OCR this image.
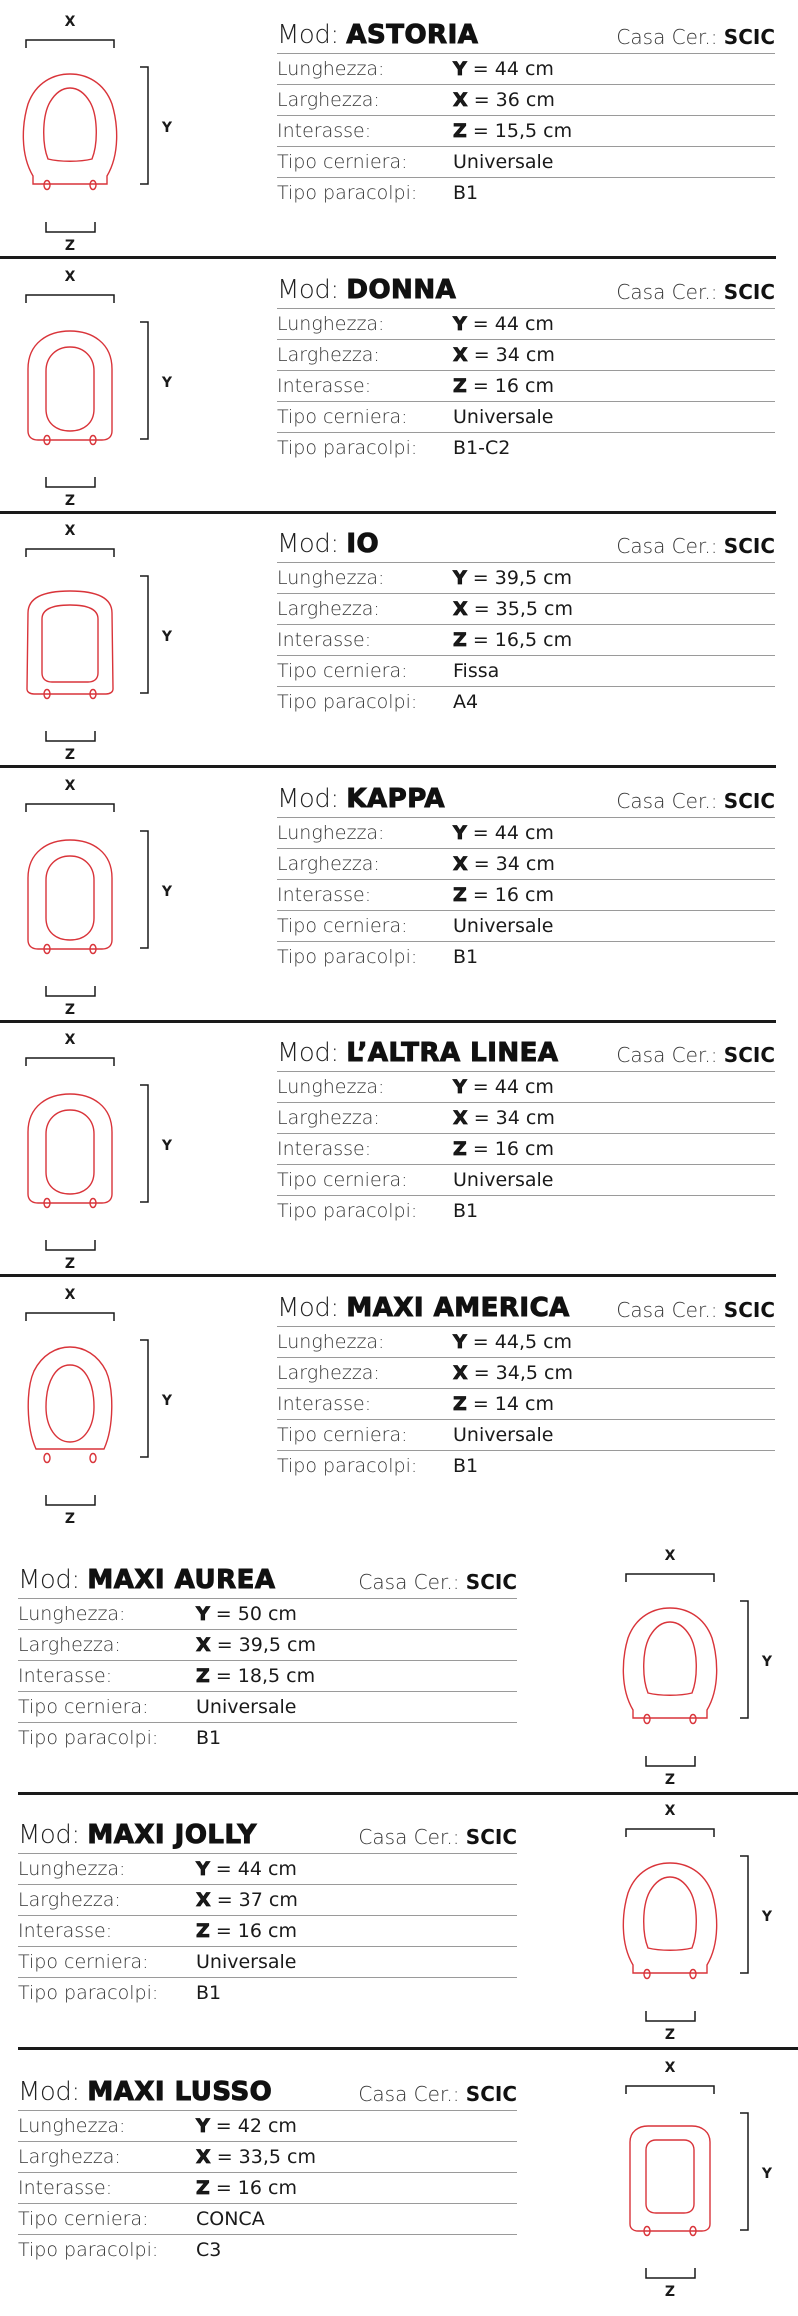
X
Y
Z
Mod: ASTORIA	Casa Cer.: SCIC
Lunghezza:	Y = 44 cm
Larghezza:	X = 36 cm
Interasse:	Z = 15,5 cm
Tipo cerniera: Universale
Tipo paracolpi: B1
X
Y
Z
Mod: DONNA	Casa Cer.: SCIC
Lunghezza:	Y = 44 cm
Larghezza:	X = 34 cm
Interasse:	Z = 16 cm
Tipo cerniera: Universale
Tipo paracolpi: B1-C2
X
Y
Z
Mod: IO	Casa Cer.: SCIC
Lunghezza:	Y = 39,5 cm
Larghezza:	X = 35,5 cm
Interasse:	Z = 16,5 cm
Tipo cerniera: Fissa
Tipo paracolpi: A4
X
Y
Z
Mod: KAPPA	Casa Cer.: SCIC
Lunghezza:	Y = 44 cm
Larghezza:	X = 34 cm
Interasse:	Z = 16 cm
Tipo cerniera: Universale
Tipo paracolpi: B1
X
Y
Z
Mod: L’ALTRA LINEA	Casa Cer.: SCIC
Lunghezza:	Y = 44 cm
Larghezza:	X = 34 cm
Interasse:	Z = 16 cm
Tipo cerniera: Universale
Tipo paracolpi: B1
X
Y
Z
Mod: MAXI AMERICA Casa Cer.: SCIC
Lunghezza:	Y = 44,5 cm
Larghezza:	X = 34,5 cm
Interasse:	Z = 14 cm
Tipo cerniera: Universale
Tipo paracolpi: B1
X
Y
Z
Mod: MAXI AUREA	Casa Cer.: SCIC
Lunghezza:	Y = 50 cm
Larghezza:	X = 39,5 cm
Interasse:	Z = 18,5 cm
Tipo cerniera: Universale
Tipo paracolpi: B1
X
Y
Z
Mod: MAXI JOLLY	Casa Cer.: SCIC
Lunghezza:	Y = 44 cm
Larghezza:	X = 37 cm
Interasse:	Z = 16 cm
Tipo cerniera: Universale
Tipo paracolpi: B1
X
Y
Z
Mod: MAXI LUSSO	Casa Cer.: SCIC
Lunghezza:	Y = 42 cm
Larghezza:	X = 33,5 cm
Interasse:	Z = 16 cm
Tipo cerniera: CONCA
Tipo paracolpi: C3
